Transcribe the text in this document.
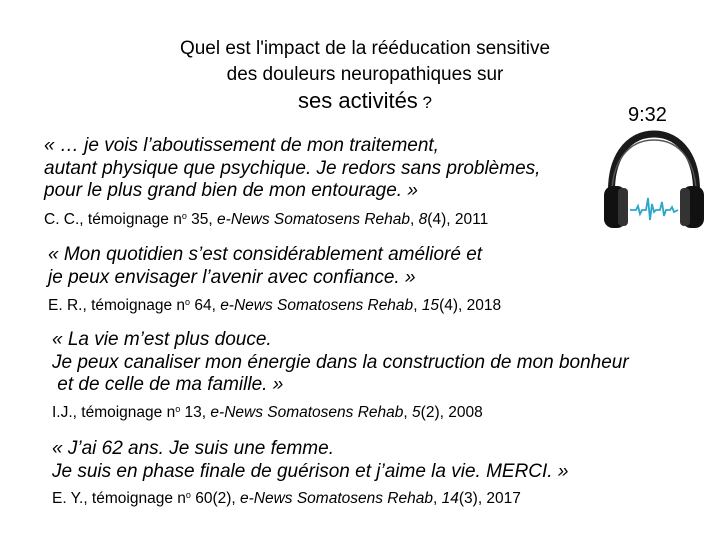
Quel est l'impact de la rééducation sensitive
des douleurs neuropathiques sur
ses activités ?
9:32
« … je vois l’aboutissement de mon traitement,
autant physique que psychique. Je redors sans problèmes,
pour le plus grand bien de mon entourage. »
C. C., témoignage $n^o$ 35, e-News Somatosens Rehab, 8(4), 2011
« Mon quotidien s’est considérablement amélioré et
je peux envisager l’avenir avec confiance. »
E. R., témoignage $n^o$ 64, e-News Somatosens Rehab, 15(4), 2018
« La vie m’est plus douce.
Je peux canaliser mon énergie dans la construction de mon bonheur
et de celle de ma famille. »
I.J., témoignage $n^o$ 13, e-News Somatosens Rehab, 5(2), 2008
« J’ai 62 ans. Je suis une femme.
Je suis en phase finale de guérison et j’aime la vie. MERCI. »
E. Y., témoignage $n^o$ 60(2), e-News Somatosens Rehab, 14(3), 2017
